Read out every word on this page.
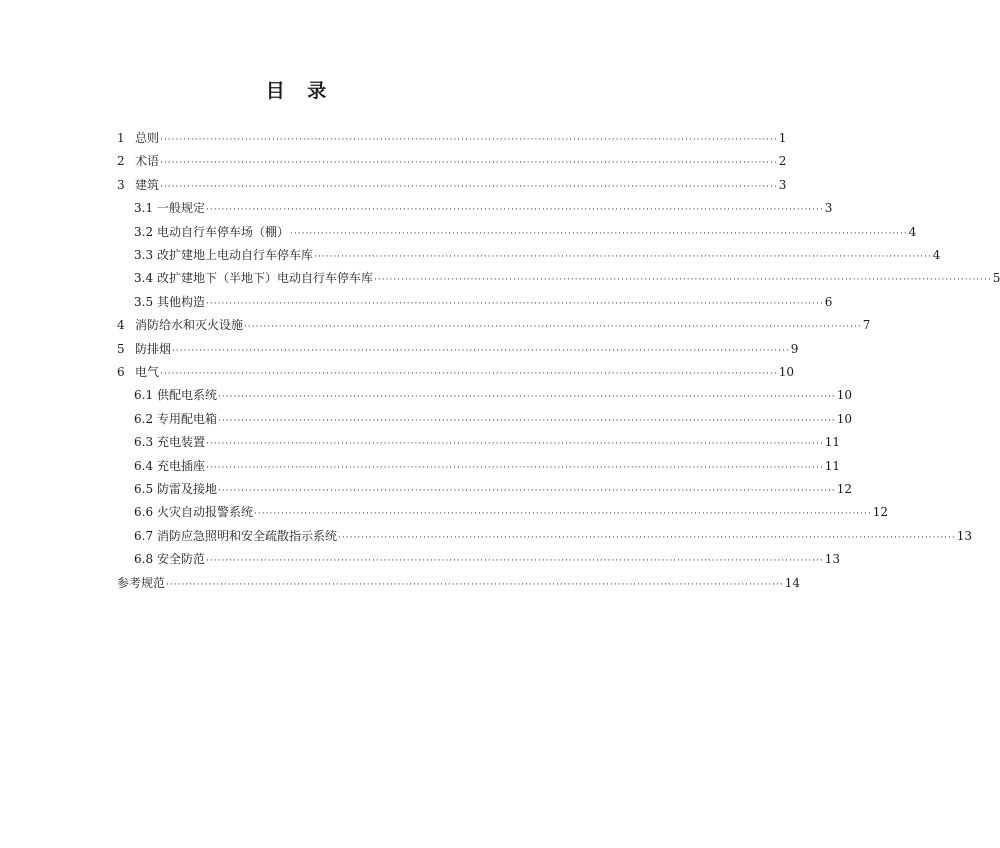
目 录
1 总则 ································································································································································ 1
2 术语 ································································································································································ 2
3 建筑 ································································································································································ 3
3.1 一般规定 ································································································································································ 3
3.2 电动自行车停车场（棚） ································································································································································ 4
3.3 改扩建地上电动自行车停车库 ································································································································································ 4
3.4 改扩建地下（半地下）电动自行车停车库 ································································································································································ 5
3.5 其他构造 ································································································································································ 6
4 消防给水和灭火设施 ································································································································································ 7
5 防排烟 ································································································································································ 9
6 电气 ································································································································································ 10
6.1 供配电系统 ································································································································································ 10
6.2 专用配电箱 ································································································································································ 10
6.3 充电装置 ································································································································································ 11
6.4 充电插座 ································································································································································ 11
6.5 防雷及接地 ································································································································································ 12
6.6 火灾自动报警系统 ································································································································································ 12
6.7 消防应急照明和安全疏散指示系统 ································································································································································ 13
6.8 安全防范 ································································································································································ 13
参考规范 ································································································································································ 14
